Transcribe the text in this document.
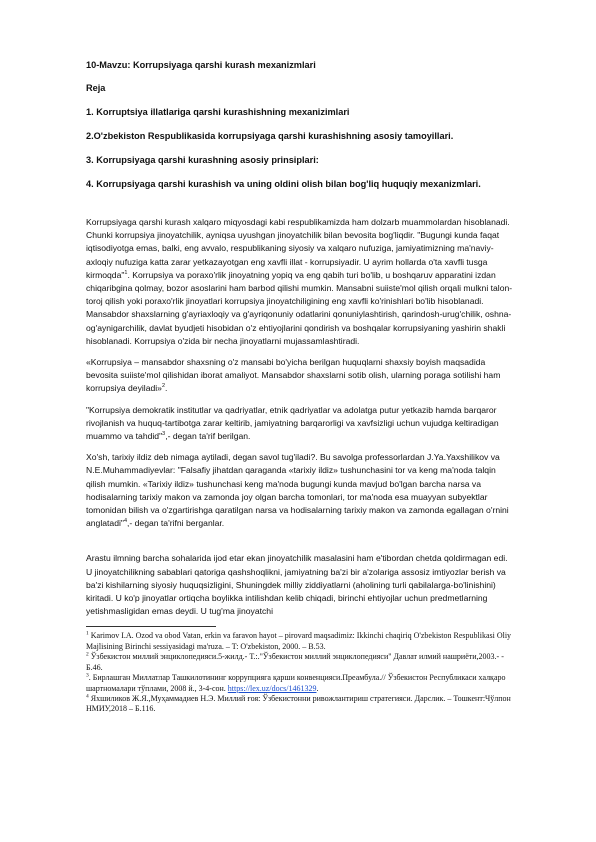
10-Mavzu: Korrupsiyaga qarshi kurash mexanizmlari
Reja
1. Korruptsiya illatlariga qarshi kurashishning mexanizimlari
2.O'zbekiston Respublikasida korrupsiyaga qarshi kurashishning asosiy tamoyillari.
3. Korrupsiyaga qarshi kurashning asosiy prinsiplari:
4. Korrupsiyaga qarshi kurashish va uning oldini olish bilan bog'liq huquqiy mexanizmlari.

Korrupsiyaga qarshi kurash xalqaro miqyosdagi kabi respublikamizda ham dolzarb muammolardan hisoblanadi. Chunki korrupsiya jinoyatchilik, ayniqsa uyushgan jinoyatchilik bilan bevosita bog'liqdir. "Bugungi kunda faqat iqtisodiyotga emas, balki, eng avvalo, respublikaning siyosiy va xalqaro nufuziga, jamiyatimizning ma'naviy-axloqiy nufuziga katta zarar yetkazayotgan eng xavfli illat - korrupsiyadir. U ayrim hollarda o'ta xavfli tusga kirmoqda"$^1$. Korrupsiya va poraxo'rlik jinoyatning yopiq va eng qabih turi bo'lib, u boshqaruv apparatini izdan chiqaribgina qolmay, bozor asoslarini ham barbod qilishi mumkin. Mansabni suiiste'mol qilish orqali mulkni talon-toroj qilish yoki poraxo'rlik jinoyatlari korrupsiya jinoyatchiligining eng xavfli ko'rinishlari bo'lib hisoblanadi. Mansabdor shaxslarning g'ayriaxloqiy va g'ayriqonuniy odatlarini qonuniylashtirish, qarindosh-urug'chilik, oshna-og'aynigarchilik, davlat byudjeti hisobidan o'z ehtiyojlarini qondirish va boshqalar korrupsiyaning yashirin shakli hisoblanadi. Korrupsiya o'zida bir necha jinoyatlarni mujassamlashtiradi.

«Korrupsiya – mansabdor shaxsning o'z mansabi bo'yicha berilgan huquqlarni shaxsiy boyish maqsadida bevosita suiiste'mol qilishidan iborat amaliyot. Mansabdor shaxslarni sotib olish, ularning poraga sotilishi ham korrupsiya deyiladi»$^2$.

"Korrupsiya demokratik institutlar va qadriyatlar, etnik qadriyatlar va adolatga putur yetkazib hamda barqaror rivojlanish va huquq-tartibotga zarar keltirib, jamiyatning barqarorligi va xavfsizligi uchun vujudga keltiradigan muammo va tahdid"$^3$,- degan ta'rif berilgan.

Xo'sh, tarixiy ildiz deb nimaga aytiladi, degan savol tug'iladi?. Bu savolga professorlardan J.Ya.Yaxshilikov va N.E.Muhammadiyevlar: "Falsafiy jihatdan qaraganda «tarixiy ildiz» tushunchasini tor va keng ma'noda talqin qilish mumkin. «Tarixiy ildiz» tushunchasi keng ma'noda bugungi kunda mavjud bo'lgan barcha narsa va hodisalarning tarixiy makon va zamonda joy olgan barcha tomonlari, tor ma'noda esa muayyan subyektlar tomonidan bilish va o'zgartirishga qaratilgan narsa va hodisalarning tarixiy makon va zamonda egallagan o'rnini anglatadi"$^4$,- degan ta'rifni berganlar.

Arastu ilmning barcha sohalarida ijod etar ekan jinoyatchilik masalasini ham e'tibordan chetda qoldirmagan edi. U jinoyatchilikning sabablari qatoriga qashshoqlikni, jamiyatning ba'zi bir a'zolariga assosiz imtiyozlar berish va ba'zi kishilarning siyosiy huquqsizligini, Shuningdek milliy ziddiyatlarni (aholining turli qabilalarga-bo'linishini) kiritadi. U ko'p jinoyatlar ortiqcha boylikka intilishdan kelib chiqadi, birinchi ehtiyojlar uchun predmetlarning yetishmasligidan emas deydi. U tug'ma jinoyatchi

$^1$ Karimov I.A. Ozod va obod Vatan, erkin va faravon hayot – pirovard maqsadimiz: Ikkinchi chaqiriq O'zbekiston Respublikasi Oliy Majlisining Birinchi sessiyasidagi ma'ruza. – T: O'zbekiston, 2000. – B.53.

$^2$ Ўзбекистон миллий энциклопедияси.5-жилд.- Т.:."Ўзбекистон миллий энциклопедияси" Давлат илмий нашриёти,2003.- - Б.46.

$^3$. Бирлашган Миллатлар Ташкилотининг коррупцияга қарши конвенцияси.Преамбула.// Ўзбекистон Республикаси халқаро шартномалари тўплами, 2008 й., 3-4-сон. https://lex.uz/docs/1461329.

$^4$ Яхшиликов Ж.Я.,Муҳаммадиев Н.Э. Миллий ғоя: Ўзбекистонни ривожлантириш стратегияси. Дарслик. – Тошкент:Чўлпон НМИУ,2018 – Б.116.
